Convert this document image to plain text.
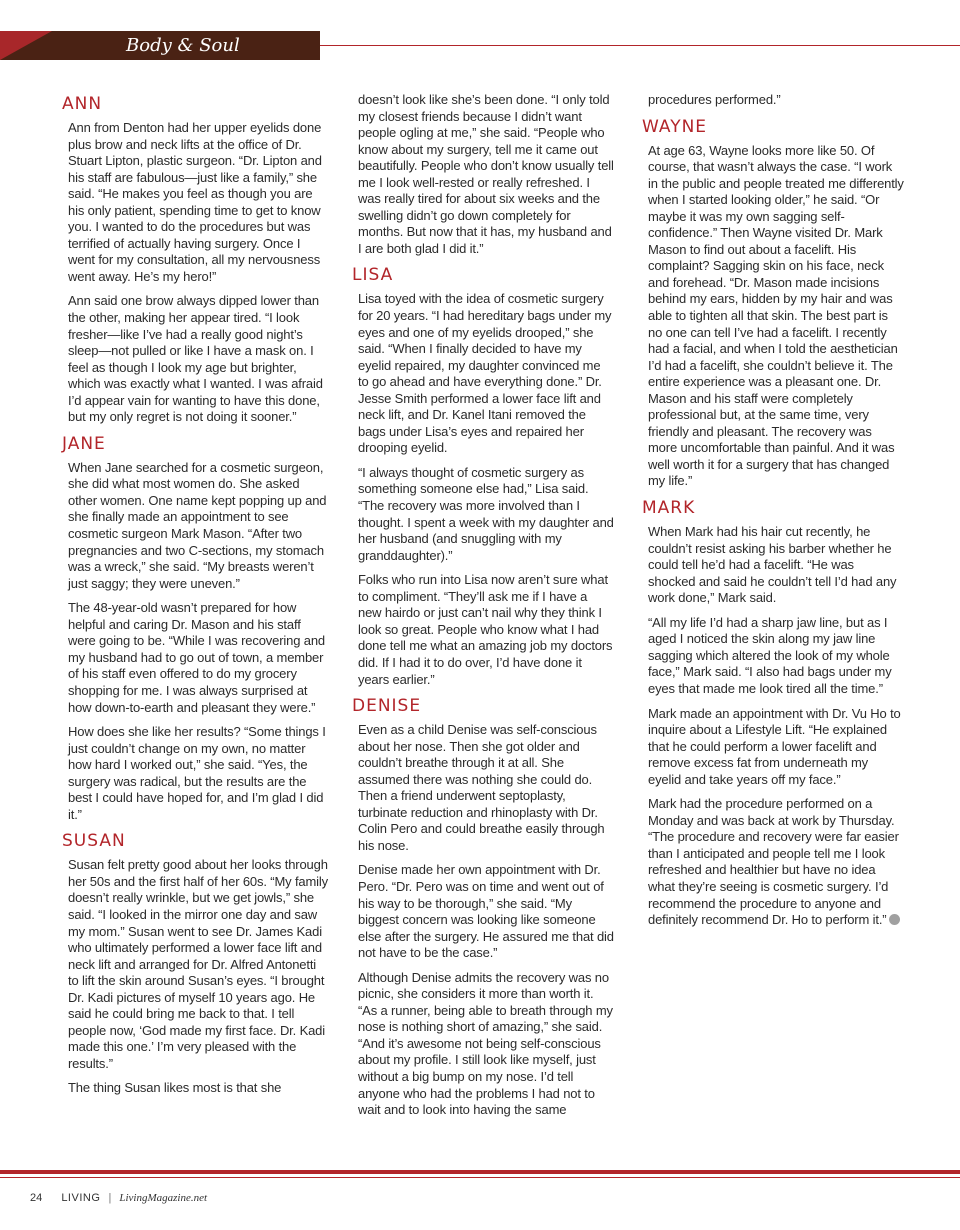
Body & Soul
ANN

Ann from Denton had her upper eyelids done plus brow and neck lifts at the office of Dr. Stuart Lipton, plastic surgeon. “Dr. Lipton and his staff are fabulous—just like a family,” she said. “He makes you feel as though you are his only patient, spending time to get to know you. I wanted to do the procedures but was terrified of actually having surgery. Once I went for my consultation, all my nervousness went away. He’s my hero!”

Ann said one brow always dipped lower than the other, making her appear tired. “I look fresher—like I’ve had a really good night’s sleep—not pulled or like I have a mask on. I feel as though I look my age but brighter, which was exactly what I wanted. I was afraid I’d appear vain for wanting to have this done, but my only regret is not doing it sooner.”

JANE

When Jane searched for a cosmetic surgeon, she did what most women do. She asked other women. One name kept popping up and she finally made an appointment to see cosmetic surgeon Mark Mason. “After two pregnancies and two C-sections, my stomach was a wreck,” she said. “My breasts weren’t just saggy; they were uneven.”

The 48-year-old wasn’t prepared for how helpful and caring Dr. Mason and his staff were going to be. “While I was recovering and my husband had to go out of town, a member of his staff even offered to do my grocery shopping for me. I was always surprised at how down-to-earth and pleasant they were.”

How does she like her results? “Some things I just couldn’t change on my own, no matter how hard I worked out,” she said. “Yes, the surgery was radical, but the results are the best I could have hoped for, and I’m glad I did it.”

SUSAN

Susan felt pretty good about her looks through her 50s and the first half of her 60s. “My family doesn’t really wrinkle, but we get jowls,” she said. “I looked in the mirror one day and saw my mom.” Susan went to see Dr. James Kadi who ultimately performed a lower face lift and neck lift and arranged for Dr. Alfred Antonetti to lift the skin around Susan’s eyes. “I brought Dr. Kadi pictures of myself 10 years ago. He said he could bring me back to that. I tell people now, ‘God made my first face. Dr. Kadi made this one.’ I’m very pleased with the results.”

The thing Susan likes most is that she

doesn’t look like she’s been done. “I only told my closest friends because I didn’t want people ogling at me,” she said. “People who know about my surgery, tell me it came out beautifully. People who don’t know usually tell me I look well-rested or really refreshed. I was really tired for about six weeks and the swelling didn’t go down completely for months. But now that it has, my husband and I are both glad I did it.”

LISA

Lisa toyed with the idea of cosmetic surgery for 20 years. “I had hereditary bags under my eyes and one of my eyelids drooped,” she said. “When I finally decided to have my eyelid repaired, my daughter convinced me to go ahead and have everything done.” Dr. Jesse Smith performed a lower face lift and neck lift, and Dr. Kanel Itani removed the bags under Lisa’s eyes and repaired her drooping eyelid.

“I always thought of cosmetic surgery as something someone else had,” Lisa said. “The recovery was more involved than I thought. I spent a week with my daughter and her husband (and snuggling with my granddaughter).”

Folks who run into Lisa now aren’t sure what to compliment. “They’ll ask me if I have a new hairdo or just can’t nail why they think I look so great. People who know what I had done tell me what an amazing job my doctors did. If I had it to do over, I’d have done it years earlier.”

DENISE

Even as a child Denise was self-conscious about her nose. Then she got older and couldn’t breathe through it at all. She assumed there was nothing she could do. Then a friend underwent septoplasty, turbinate reduction and rhinoplasty with Dr. Colin Pero and could breathe easily through his nose.

Denise made her own appointment with Dr. Pero. “Dr. Pero was on time and went out of his way to be thorough,” she said. “My biggest concern was looking like someone else after the surgery. He assured me that did not have to be the case.”

Although Denise admits the recovery was no picnic, she considers it more than worth it. “As a runner, being able to breath through my nose is nothing short of amazing,” she said. “And it’s awesome not being self-conscious about my profile. I still look like myself, just without a big bump on my nose. I’d tell anyone who had the problems I had not to wait and to look into having the same

procedures performed.”

WAYNE

At age 63, Wayne looks more like 50. Of course, that wasn’t always the case. “I work in the public and people treated me differently when I started looking older,” he said. “Or maybe it was my own sagging self-confidence.” Then Wayne visited Dr. Mark Mason to find out about a facelift. His complaint? Sagging skin on his face, neck and forehead. “Dr. Mason made incisions behind my ears, hidden by my hair and was able to tighten all that skin. The best part is no one can tell I’ve had a facelift. I recently had a facial, and when I told the aesthetician I’d had a facelift, she couldn’t believe it. The entire experience was a pleasant one. Dr. Mason and his staff were completely professional but, at the same time, very friendly and pleasant. The recovery was more uncomfortable than painful. And it was well worth it for a surgery that has changed my life.”

MARK

When Mark had his hair cut recently, he couldn’t resist asking his barber whether he could tell he’d had a facelift. “He was shocked and said he couldn’t tell I’d had any work done,” Mark said.

“All my life I’d had a sharp jaw line, but as I aged I noticed the skin along my jaw line sagging which altered the look of my whole face,” Mark said. “I also had bags under my eyes that made me look tired all the time.”

Mark made an appointment with Dr. Vu Ho to inquire about a Lifestyle Lift. “He explained that he could perform a lower facelift and remove excess fat from underneath my eyelid and take years off my face.”

Mark had the procedure performed on a Monday and was back at work by Thursday. “The procedure and recovery were far easier than I anticipated and people tell me I look refreshed and healthier but have no idea what they’re seeing is cosmetic surgery. I’d recommend the procedure to anyone and definitely recommend Dr. Ho to perform it.”

24 LIVING | LivingMagazine.net
